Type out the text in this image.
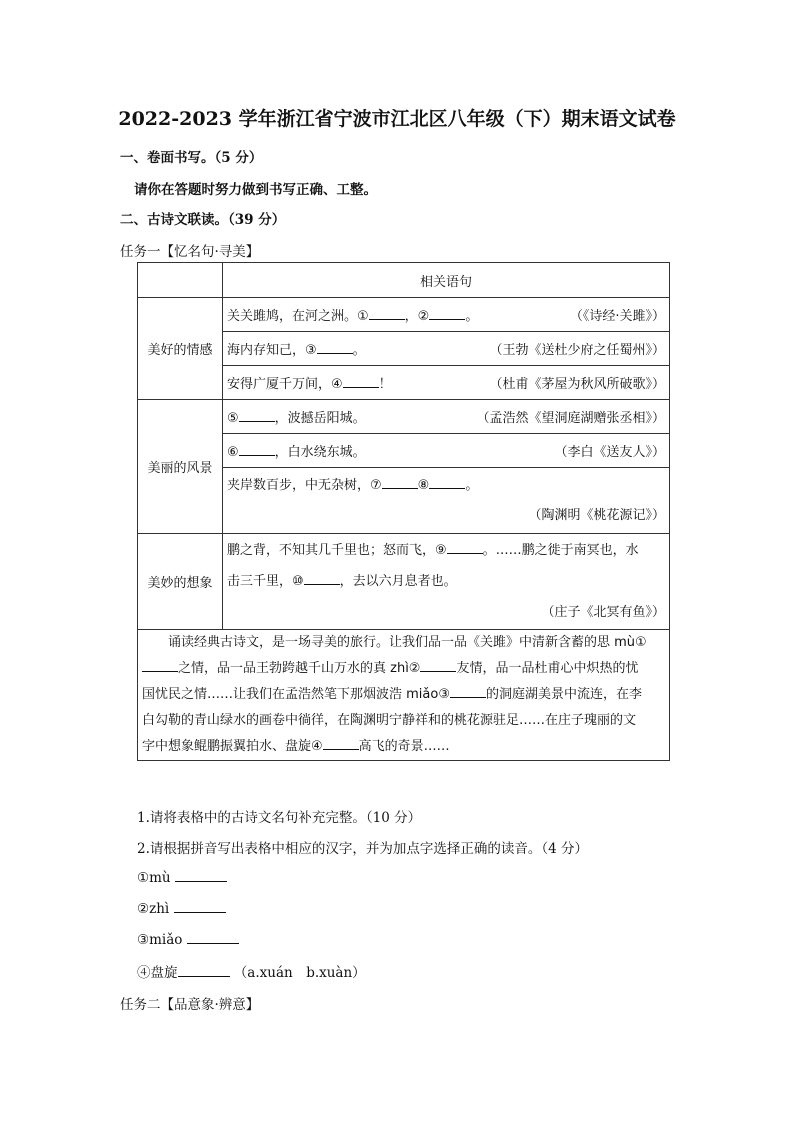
2022-2023 学年浙江省宁波市江北区八年级（下）期末语文试卷
一、卷面书写。（5 分）
请你在答题时努力做到书写正确、工整。
二、古诗文联读。（39 分）
任务一【忆名句·寻美】
	相关语句
美好的情感	关关雎鸠，在河之洲。① ，② 。 （《诗经·关雎》）

	海内存知己，③ 。 （王勃《送杜少府之任蜀州》）

	安得广厦千万间，④ ！ （杜甫《茅屋为秋风所破歌》）

美丽的风景	⑤ ，波撼岳阳城。 （孟浩然《望洞庭湖赠张丞相》）

	⑥ ，白水绕东城。 （李白《送友人》）

	夹岸数百步，中无杂树，⑦ ⑧ 。
（陶渊明《桃花源记》）

美妙的想象	鹏之背，不知其几千里也；怒而飞，⑨ 。……鹏之徙于南冥也，水
击三千里，⑩ ，去以六月息者也。
（庄子《北冥有鱼》）

诵读经典古诗文，是一场寻美的旅行。让我们品一品《关雎》中清新含蓄的思 mù①
之情，品一品王勃跨越千山万水的真 zhì② 友情，品一品杜甫心中炽热的忧
国忧民之情……让我们在孟浩然笔下那烟波浩 miǎo③ 的洞庭湖美景中流连，在李
白勾勒的青山绿水的画卷中徜徉，在陶渊明宁静祥和的桃花源驻足……在庄子瑰丽的文
字中想象鲲鹏振翼拍水、盘旋④ 高飞的奇景……	
1.请将表格中的古诗文名句补充完整。（10 分）
2.请根据拼音写出表格中相应的汉字，并为加点字选择正确的读音。（4 分）
①mù
②zhì
③miǎo
④盘旋	（a.xuán　b.xuàn）
任务二【品意象·辨意】
